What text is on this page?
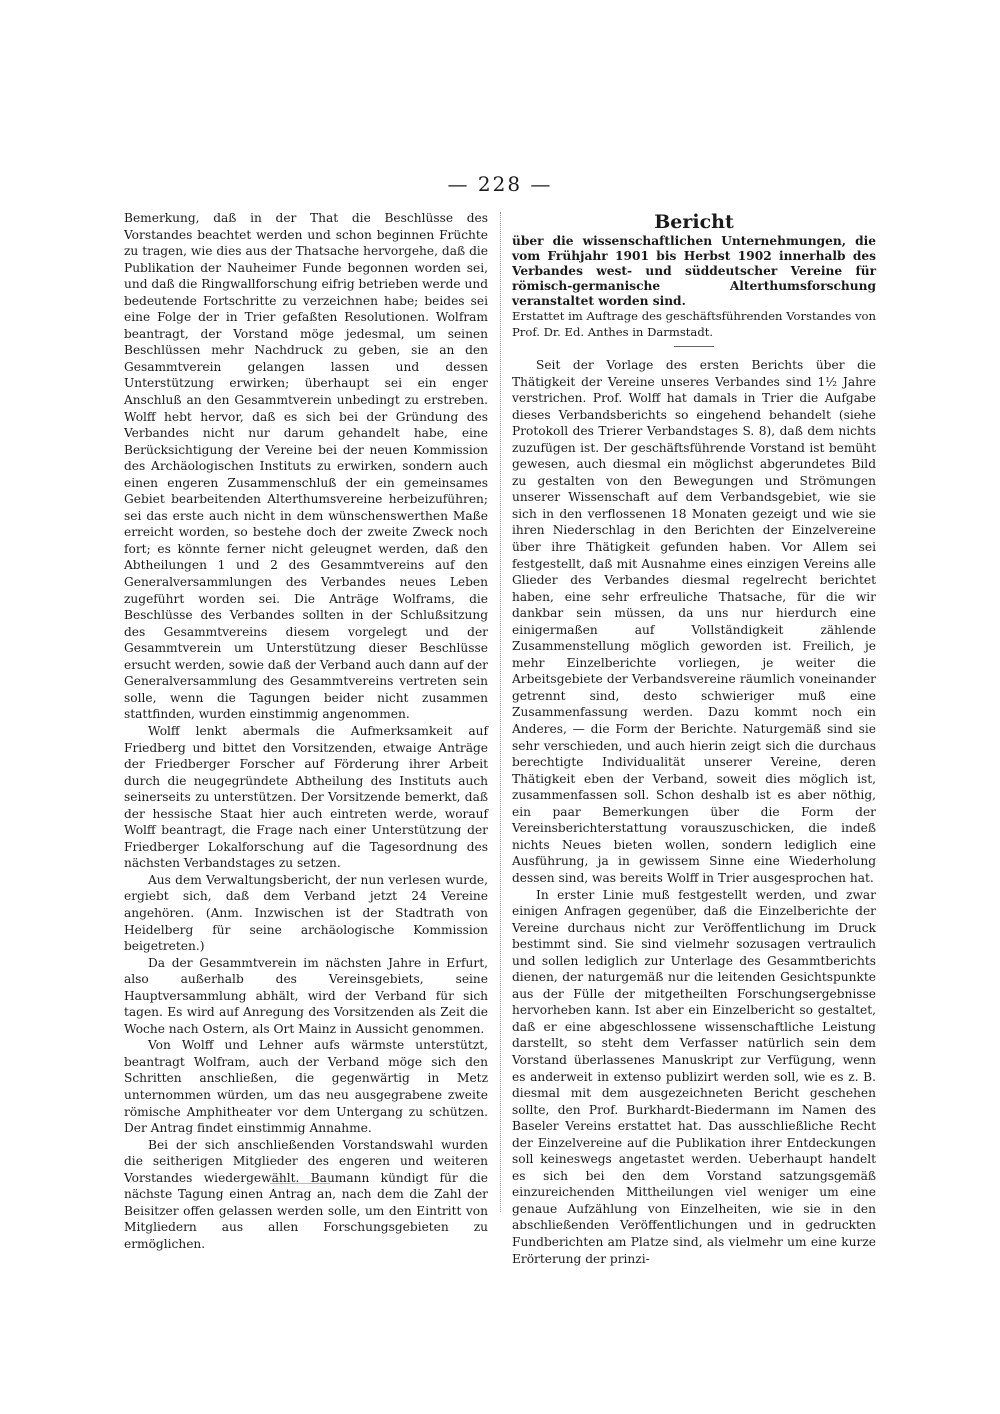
— 228 —

Bemerkung, daß in der That die Beschlüsse des Vorstandes beachtet werden und schon beginnen Früchte zu tragen, wie dies aus der Thatsache hervorgehe, daß die Publikation der Nauheimer Funde begonnen worden sei, und daß die Ringwallforschung eifrig betrieben werde und bedeutende Fortschritte zu verzeichnen habe; beides sei eine Folge der in Trier gefaßten Resolutionen. Wolfram beantragt, der Vorstand möge jedesmal, um seinen Beschlüssen mehr Nachdruck zu geben, sie an den Gesammtverein gelangen lassen und dessen Unterstützung erwirken; überhaupt sei ein enger Anschluß an den Gesammtverein unbedingt zu erstreben. Wolff hebt hervor, daß es sich bei der Gründung des Verbandes nicht nur darum gehandelt habe, eine Berücksichtigung der Vereine bei der neuen Kommission des Archäologischen Instituts zu erwirken, sondern auch einen engeren Zusammenschluß der ein gemeinsames Gebiet bearbeitenden Alterthumsvereine herbeizuführen; sei das erste auch nicht in dem wünschenswerthen Maße erreicht worden, so bestehe doch der zweite Zweck noch fort; es könnte ferner nicht geleugnet werden, daß den Abtheilungen 1 und 2 des Gesammtvereins auf den Generalversammlungen des Verbandes neues Leben zugeführt worden sei. Die Anträge Wolframs, die Beschlüsse des Verbandes sollten in der Schlußsitzung des Gesammtvereins diesem vorgelegt und der Gesammtverein um Unterstützung dieser Beschlüsse ersucht werden, sowie daß der Verband auch dann auf der Generalversammlung des Gesammtvereins vertreten sein solle, wenn die Tagungen beider nicht zusammen stattfinden, wurden einstimmig angenommen.

Wolff lenkt abermals die Aufmerksamkeit auf Friedberg und bittet den Vorsitzenden, etwaige Anträge der Friedberger Forscher auf Förderung ihrer Arbeit durch die neugegründete Abtheilung des Instituts auch seinerseits zu unterstützen. Der Vorsitzende bemerkt, daß der hessische Staat hier auch eintreten werde, worauf Wolff beantragt, die Frage nach einer Unterstützung der Friedberger Lokalforschung auf die Tagesordnung des nächsten Verbandstages zu setzen.

Aus dem Verwaltungsbericht, der nun verlesen wurde, ergiebt sich, daß dem Verband jetzt 24 Vereine angehören. (Anm. Inzwischen ist der Stadtrath von Heidelberg für seine archäologische Kommission beigetreten.)

Da der Gesammtverein im nächsten Jahre in Erfurt, also außerhalb des Vereinsgebiets, seine Hauptversammlung abhält, wird der Verband für sich tagen. Es wird auf Anregung des Vorsitzenden als Zeit die Woche nach Ostern, als Ort Mainz in Aussicht genommen.

Von Wolff und Lehner aufs wärmste unterstützt, beantragt Wolfram, auch der Verband möge sich den Schritten anschließen, die gegenwärtig in Metz unternommen würden, um das neu ausgegrabene zweite römische Amphitheater vor dem Untergang zu schützen. Der Antrag findet einstimmig Annahme.

Bei der sich anschließenden Vorstandswahl wurden die seitherigen Mitglieder des engeren und weiteren Vorstandes wiedergewählt. Baumann kündigt für die nächste Tagung einen Antrag an, nach dem die Zahl der Beisitzer offen gelassen werden solle, um den Eintritt von Mitgliedern aus allen Forschungsgebieten zu ermöglichen.

Bericht

über die wissenschaftlichen Unternehmungen, die vom Frühjahr 1901 bis Herbst 1902 innerhalb des Verbandes west- und süddeutscher Vereine für römisch-germanische Alterthumsforschung veranstaltet worden sind.

Erstattet im Auftrage des geschäftsführenden Vorstandes von Prof. Dr. Ed. Anthes in Darmstadt.

Seit der Vorlage des ersten Berichts über die Thätigkeit der Vereine unseres Verbandes sind 1½ Jahre verstrichen. Prof. Wolff hat damals in Trier die Aufgabe dieses Verbandsberichts so eingehend behandelt (siehe Protokoll des Trierer Verbandstages S. 8), daß dem nichts zuzufügen ist. Der geschäftsführende Vorstand ist bemüht gewesen, auch diesmal ein möglichst abgerundetes Bild zu gestalten von den Bewegungen und Strömungen unserer Wissenschaft auf dem Verbandsgebiet, wie sie sich in den verflossenen 18 Monaten gezeigt und wie sie ihren Niederschlag in den Berichten der Einzelvereine über ihre Thätigkeit gefunden haben. Vor Allem sei festgestellt, daß mit Ausnahme eines einzigen Vereins alle Glieder des Verbandes diesmal regelrecht berichtet haben, eine sehr erfreuliche Thatsache, für die wir dankbar sein müssen, da uns nur hierdurch eine einigermaßen auf Vollständigkeit zählende Zusammenstellung möglich geworden ist. Freilich, je mehr Einzelberichte vorliegen, je weiter die Arbeitsgebiete der Verbandsvereine räumlich voneinander getrennt sind, desto schwieriger muß eine Zusammenfassung werden. Dazu kommt noch ein Anderes, — die Form der Berichte. Naturgemäß sind sie sehr verschieden, und auch hierin zeigt sich die durchaus berechtigte Individualität unserer Vereine, deren Thätigkeit eben der Verband, soweit dies möglich ist, zusammenfassen soll. Schon deshalb ist es aber nöthig, ein paar Bemerkungen über die Form der Vereinsberichterstattung vorauszuschicken, die indeß nichts Neues bieten wollen, sondern lediglich eine Ausführung, ja in gewissem Sinne eine Wiederholung dessen sind, was bereits Wolff in Trier ausgesprochen hat.

In erster Linie muß festgestellt werden, und zwar einigen Anfragen gegenüber, daß die Einzelberichte der Vereine durchaus nicht zur Veröffentlichung im Druck bestimmt sind. Sie sind vielmehr sozusagen vertraulich und sollen lediglich zur Unterlage des Gesammtberichts dienen, der naturgemäß nur die leitenden Gesichtspunkte aus der Fülle der mitgetheilten Forschungsergebnisse hervorheben kann. Ist aber ein Einzelbericht so gestaltet, daß er eine abgeschlossene wissenschaftliche Leistung darstellt, so steht dem Verfasser natürlich sein dem Vorstand überlassenes Manuskript zur Verfügung, wenn es anderweit in extenso publizirt werden soll, wie es z. B. diesmal mit dem ausgezeichneten Bericht geschehen sollte, den Prof. Burkhardt-Biedermann im Namen des Baseler Vereins erstattet hat. Das ausschließliche Recht der Einzelvereine auf die Publikation ihrer Entdeckungen soll keineswegs angetastet werden. Ueberhaupt handelt es sich bei den dem Vorstand satzungsgemäß einzureichenden Mittheilungen viel weniger um eine genaue Aufzählung von Einzelheiten, wie sie in den abschließenden Veröffentlichungen und in gedruckten Fundberichten am Platze sind, als vielmehr um eine kurze Erörterung der prinzi-
